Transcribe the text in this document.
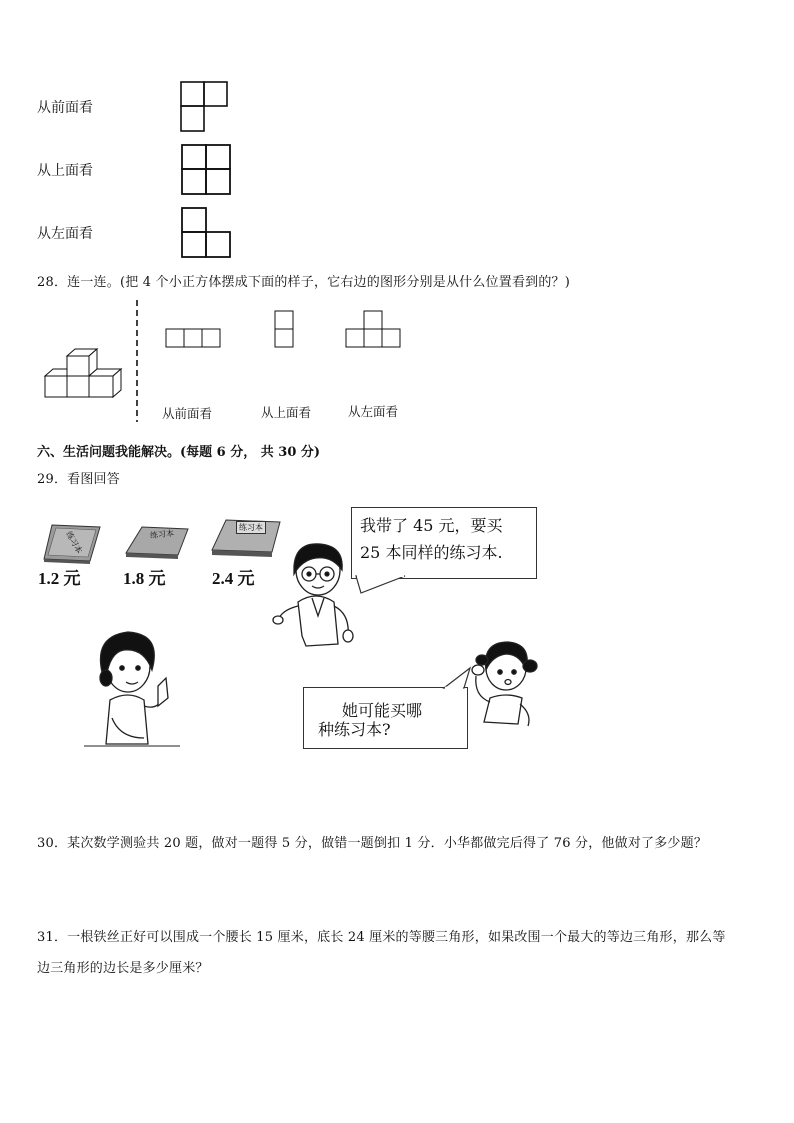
从前面看
从上面看
从左面看
28．连一连。(把 4 个小正方体摆成下面的样子，它右边的图形分别是从什么位置看到的？)
从前面看	从上面看	从左面看
六、生活问题我能解决。(每题 6 分， 共 30 分)
29．看图回答
练习本	练习本
练习本
1.2 元	1.8 元	2.4 元
我带了 45 元，要买
25 本同样的练习本.
她可能买哪
种练习本?
30．某次数学测验共 20 题，做对一题得 5 分，做错一题倒扣 1 分．小华都做完后得了 76 分，他做对了多少题？
31．一根铁丝正好可以围成一个腰长 15 厘米，底长 24 厘米的等腰三角形，如果改围一个最大的等边三角形，那么等
边三角形的边长是多少厘米？
